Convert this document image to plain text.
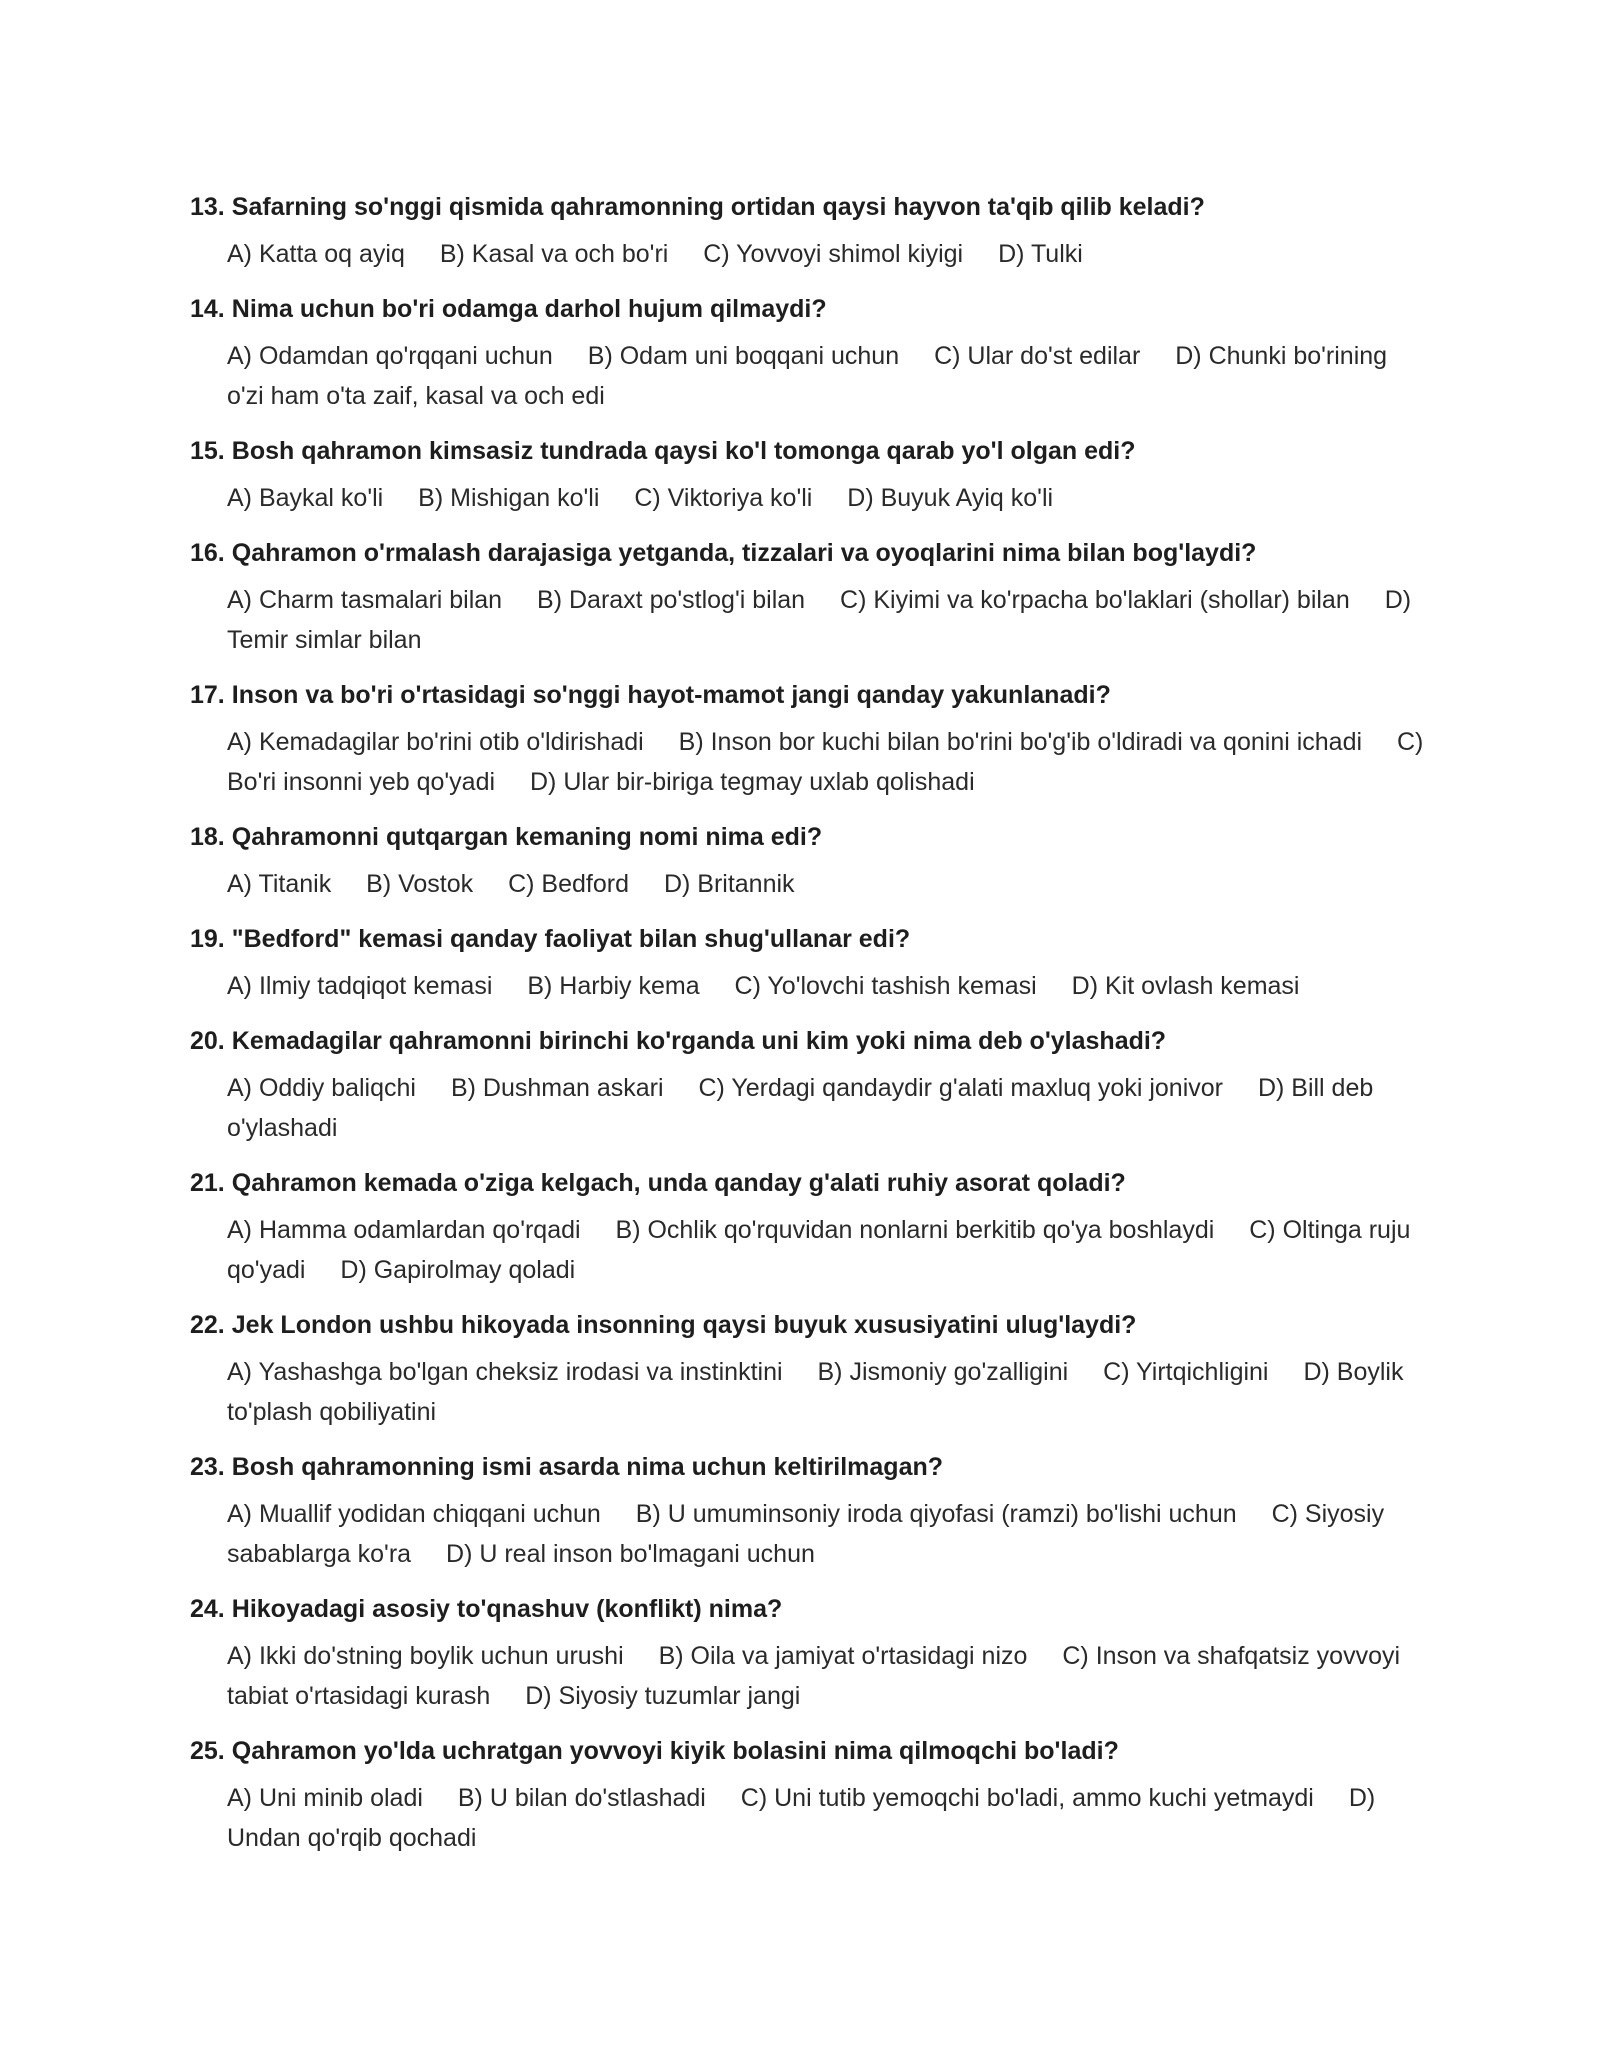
13. Safarning so'nggi qismida qahramonning ortidan qaysi hayvon ta'qib qilib keladi?
A) Katta oq ayiq B) Kasal va och bo'ri C) Yovvoyi shimol kiyigi D) Tulki
14. Nima uchun bo'ri odamga darhol hujum qilmaydi?
A) Odamdan qo'rqqani uchun B) Odam uni boqqani uchun C) Ular do'st edilar D) Chunki bo'rining o'zi ham o'ta zaif, kasal va och edi
15. Bosh qahramon kimsasiz tundrada qaysi ko'l tomonga qarab yo'l olgan edi?
A) Baykal ko'li B) Mishigan ko'li C) Viktoriya ko'li D) Buyuk Ayiq ko'li
16. Qahramon o'rmalash darajasiga yetganda, tizzalari va oyoqlarini nima bilan bog'laydi?
A) Charm tasmalari bilan B) Daraxt po'stlog'i bilan C) Kiyimi va ko'rpacha bo'laklari (shollar) bilan D) Temir simlar bilan
17. Inson va bo'ri o'rtasidagi so'nggi hayot-mamot jangi qanday yakunlanadi?
A) Kemadagilar bo'rini otib o'ldirishadi B) Inson bor kuchi bilan bo'rini bo'g'ib o'ldiradi va qonini ichadi C) Bo'ri insonni yeb qo'yadi D) Ular bir-biriga tegmay uxlab qolishadi
18. Qahramonni qutqargan kemaning nomi nima edi?
A) Titanik B) Vostok C) Bedford D) Britannik
19. "Bedford" kemasi qanday faoliyat bilan shug'ullanar edi?
A) Ilmiy tadqiqot kemasi B) Harbiy kema C) Yo'lovchi tashish kemasi D) Kit ovlash kemasi
20. Kemadagilar qahramonni birinchi ko'rganda uni kim yoki nima deb o'ylashadi?
A) Oddiy baliqchi B) Dushman askari C) Yerdagi qandaydir g'alati maxluq yoki jonivor D) Bill deb o'ylashadi
21. Qahramon kemada o'ziga kelgach, unda qanday g'alati ruhiy asorat qoladi?
A) Hamma odamlardan qo'rqadi B) Ochlik qo'rquvidan nonlarni berkitib qo'ya boshlaydi C) Oltinga ruju qo'yadi D) Gapirolmay qoladi
22. Jek London ushbu hikoyada insonning qaysi buyuk xususiyatini ulug'laydi?
A) Yashashga bo'lgan cheksiz irodasi va instinktini B) Jismoniy go'zalligini C) Yirtqichligini D) Boylik to'plash qobiliyatini
23. Bosh qahramonning ismi asarda nima uchun keltirilmagan?
A) Muallif yodidan chiqqani uchun B) U umuminsoniy iroda qiyofasi (ramzi) bo'lishi uchun C) Siyosiy sabablarga ko'ra D) U real inson bo'lmagani uchun
24. Hikoyadagi asosiy to'qnashuv (konflikt) nima?
A) Ikki do'stning boylik uchun urushi B) Oila va jamiyat o'rtasidagi nizo C) Inson va shafqatsiz yovvoyi tabiat o'rtasidagi kurash D) Siyosiy tuzumlar jangi
25. Qahramon yo'lda uchratgan yovvoyi kiyik bolasini nima qilmoqchi bo'ladi?
A) Uni minib oladi B) U bilan do'stlashadi C) Uni tutib yemoqchi bo'ladi, ammo kuchi yetmaydi D) Undan qo'rqib qochadi
